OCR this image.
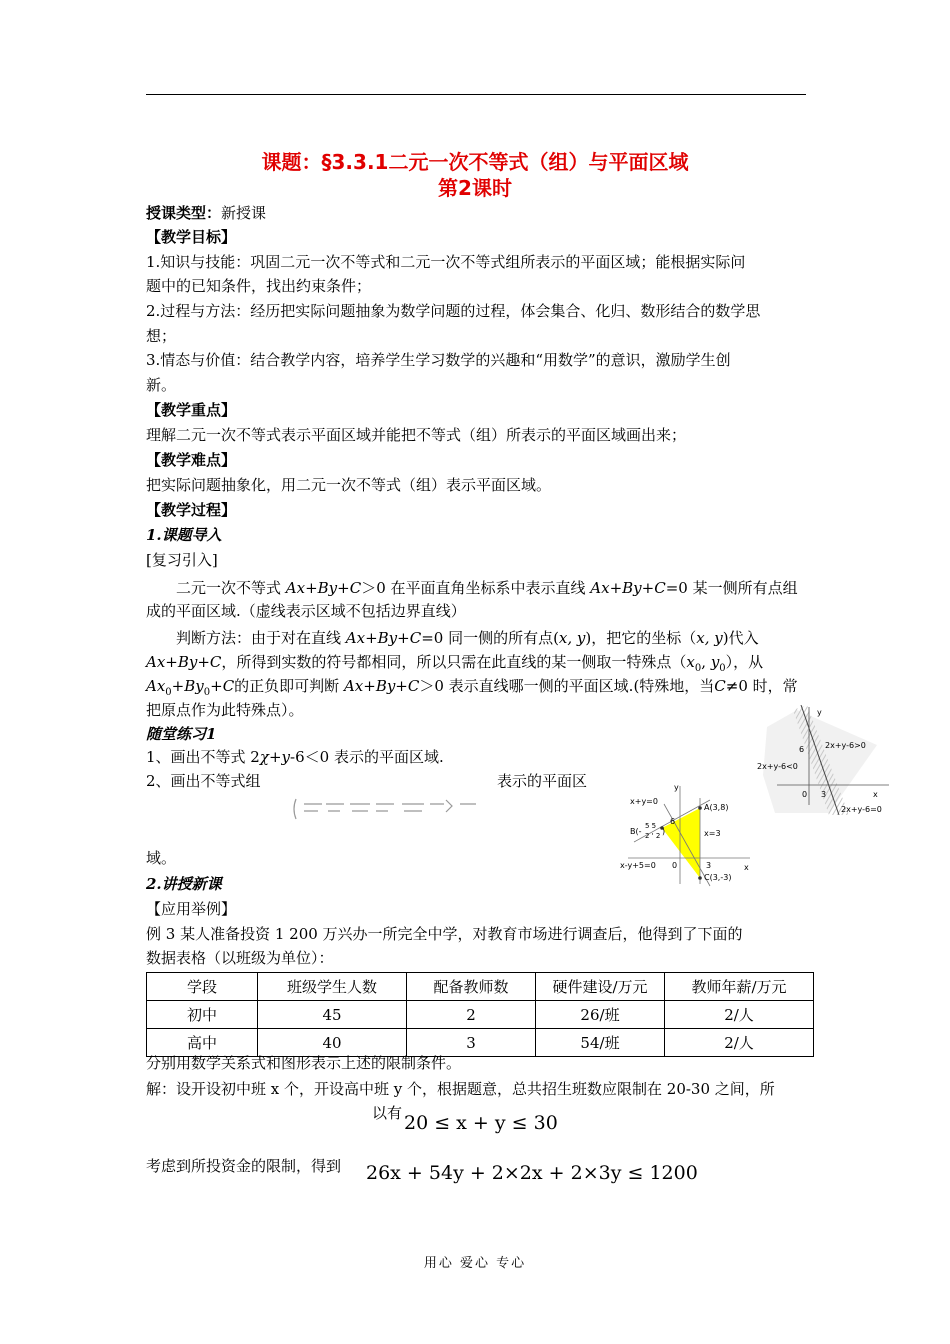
课题：§3.3.1二元一次不等式（组）与平面区域
第2课时
授课类型：新授课
【教学目标】
1.知识与技能：巩固二元一次不等式和二元一次不等式组所表示的平面区域；能根据实际问
题中的已知条件，找出约束条件；
2.过程与方法：经历把实际问题抽象为数学问题的过程，体会集合、化归、数形结合的数学思
想；
3.情态与价值：结合教学内容，培养学生学习数学的兴趣和“用数学”的意识，激励学生创
新。
【教学重点】
理解二元一次不等式表示平面区域并能把不等式（组）所表示的平面区域画出来；
【教学难点】
把实际问题抽象化，用二元一次不等式（组）表示平面区域。
【教学过程】
1.课题导入
[复习引入]
二元一次不等式 Ax+By+C＞0 在平面直角坐标系中表示直线 Ax+By+C=0 某一侧所有点组
成的平面区域.（虚线表示区域不包括边界直线）
判断方法：由于对在直线 Ax+By+C=0 同一侧的所有点(x, y)，把它的坐标（x, y)代入
Ax+By+C，所得到实数的符号都相同，所以只需在此直线的某一侧取一特殊点（$x_0$, $y_0$），从
$Ax_0+By_0+C$的正负即可判断 Ax+By+C＞0 表示直线哪一侧的平面区域.(特殊地，当C≠0 时，常
把原点作为此特殊点）。
随堂练习1
1、画出不等式 2χ+y-6＜0 表示的平面区域.
2、画出不等式组	表示的平面区
域。
y
x
6
0 3
2x+y-6>0
2x+y-6<0
2x+y-6=0
y
x
x+y=0
x=3
x-y+5=0
A(3,8)
B(-
5 5
2 ' 2 )
C(3,-3)
6
0	3
2.讲授新课
【应用举例】
例 3 某人准备投资 1 200 万兴办一所完全中学，对教育市场进行调查后，他得到了下面的
数据表格（以班级为单位）：
学段	班级学生人数	配备教师数	硬件建设/万元	教师年薪/万元
初中	45	2	26/班	2/人
高中	40	3	54/班	2/人
分别用数学关系式和图形表示上述的限制条件。
解：设开设初中班 x 个，开设高中班 y 个，根据题意，总共招生班数应限制在 20-30 之间，所
以有 20 ≤ x + y ≤ 30
考虑到所投资金的限制，得到 26x + 54y + 2×2x + 2×3y ≤ 1200
用心 爱心 专心
